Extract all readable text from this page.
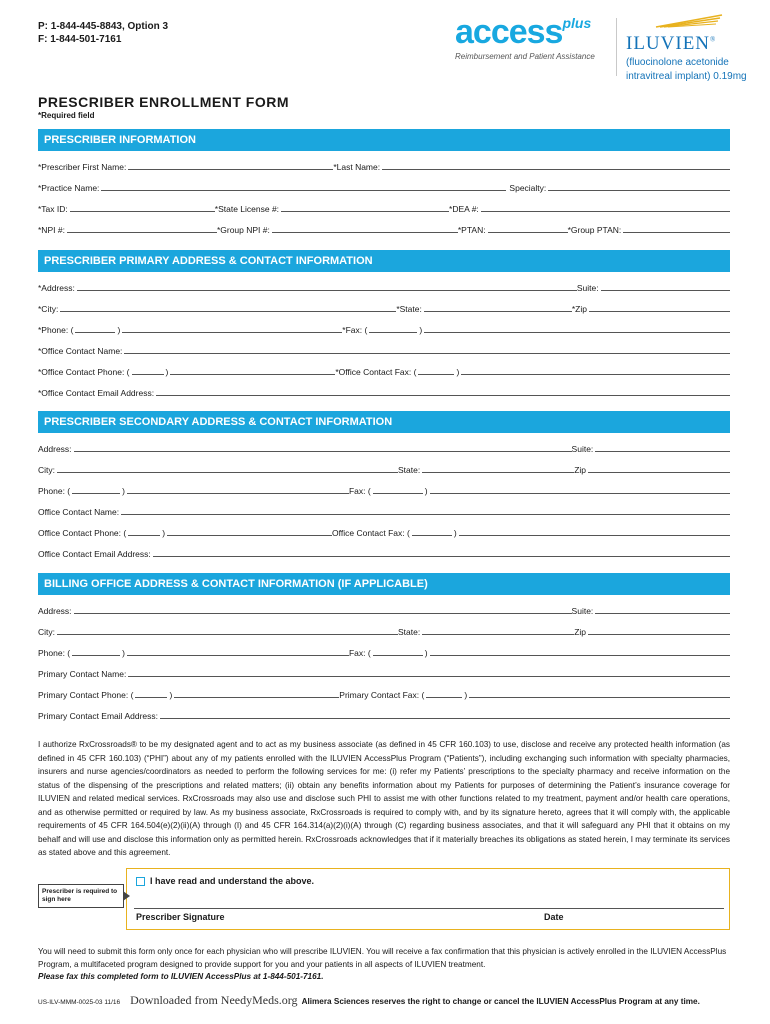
P: 1-844-445-8843, Option 3
F: 1-844-501-7161	accessplus
Reimbursement and Patient Assistance
ILUVIEN®
(fluocinolone acetonide
intravitreal implant) 0.19mg
PRESCRIBER ENROLLMENT FORM
*Required field
PRESCRIBER INFORMATION
*Prescriber First Name:	*Last Name:
*Practice Name:	Specialty:
*Tax ID:	*State License #:	*DEA #:
*NPI #:	*Group NPI #:	*PTAN:	*Group PTAN:
PRESCRIBER PRIMARY ADDRESS & CONTACT INFORMATION
*Address:	Suite:
*City:	*State:	*Zip
*Phone: (	)	*Fax: (	)
*Office Contact Name:
*Office Contact Phone: (	)	*Office Contact Fax: (	)
*Office Contact Email Address:
PRESCRIBER SECONDARY ADDRESS & CONTACT INFORMATION
Address:	Suite:
City:	State:	Zip
Phone: (	)	Fax: (	)
Office Contact Name:
Office Contact Phone: (	)	Office Contact Fax: (	)
Office Contact Email Address:
BILLING OFFICE ADDRESS & CONTACT INFORMATION (IF APPLICABLE)
Address:	Suite:
City:	State:	Zip
Phone: (	)	Fax: (	)
Primary Contact Name:
Primary Contact Phone: (	)	Primary Contact Fax: (	)
Primary Contact Email Address:
I authorize RxCrossroads® to be my designated agent and to act as my business associate (as defined in 45 CFR 160.103) to use, disclose and receive any protected health information (as defined in 45 CFR 160.103) (“PHI”) about any of my patients enrolled with the ILUVIEN AccessPlus Program (“Patients”), including exchanging such information with specialty pharmacies, insurers and nurse agencies/coordinators as needed to perform the following services for me: (i) refer my Patients’ prescriptions to the specialty pharmacy and receive information on the status of the dispensing of the prescriptions and related matters; (ii) obtain any benefits information about my Patients for purposes of determining the Patient’s insurance coverage for ILUVIEN and related medical services. RxCrossroads may also use and disclose such PHI to assist me with other functions related to my treatment, payment and/or health care operations, and as otherwise permitted or required by law. As my business associate, RxCrossroads is required to comply with, and by its signature hereto, agrees that it will comply with, the applicable requirements of 45 CFR 164.504(e)(2)(ii)(A) through (I) and 45 CFR 164.314(a)(2)(i)(A) through (C) regarding business associates, and that it will safeguard any PHI that it obtains on my behalf and will use and disclose this information only as permitted herein. RxCrossroads acknowledges that if it materially breaches its obligations as stated herein, I may terminate its services as stated above and this agreement.
Prescriber is required to sign here
I have read and understand the above.
Prescriber Signature	Date
You will need to submit this form only once for each physician who will prescribe ILUVIEN. You will receive a fax confirmation that this physician is actively enrolled in the ILUVIEN AccessPlus Program, a multifaceted program designed to provide support for you and your patients in all aspects of ILUVIEN treatment.
Please fax this completed form to ILUVIEN AccessPlus at 1-844-501-7161.
US-ILV-MMM-0025-03 11/16 Downloaded from NeedyMeds.org Alimera Sciences reserves the right to change or cancel the ILUVIEN AccessPlus Program at any time.
